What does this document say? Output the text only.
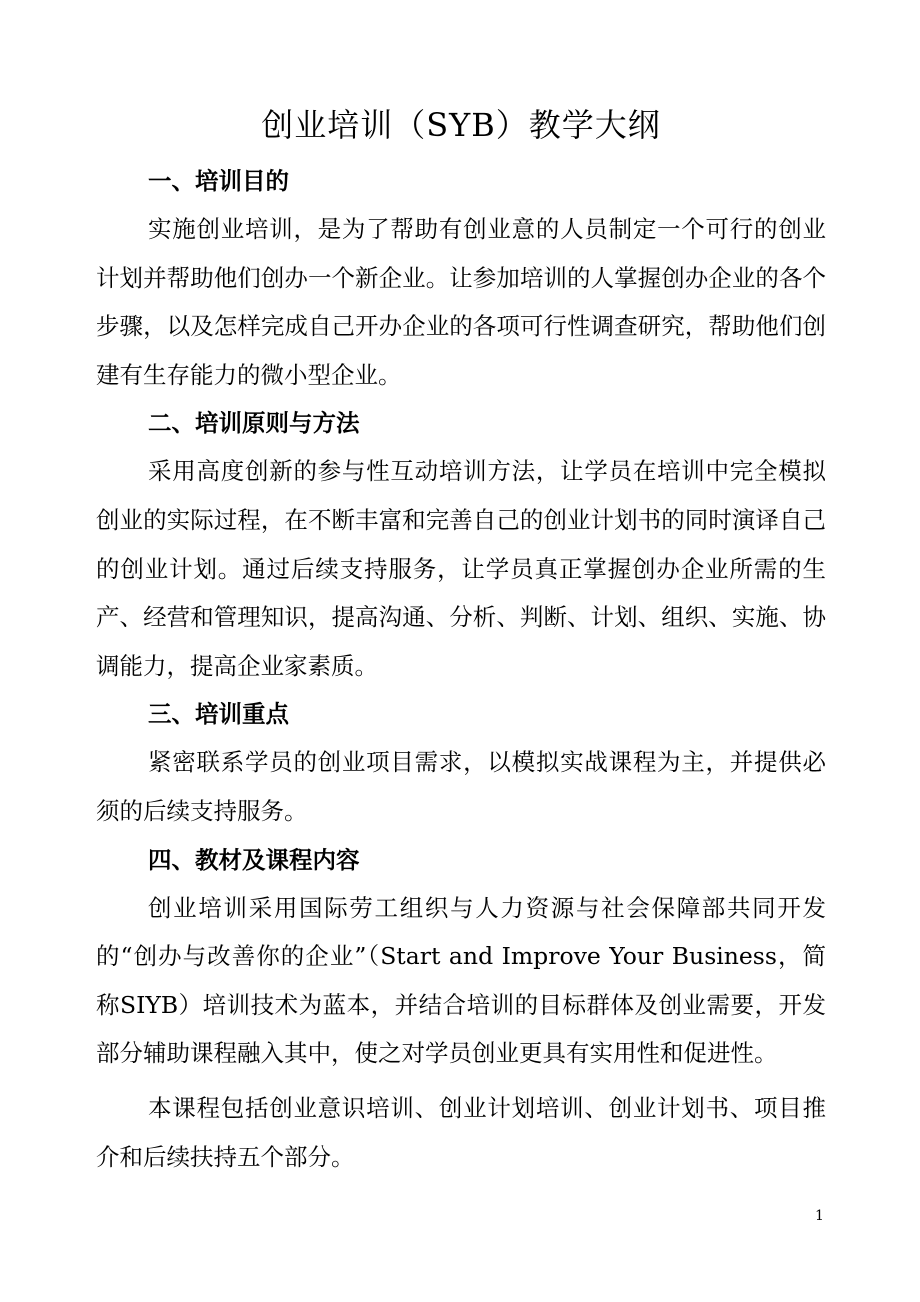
创业培训（SYB）教学大纲
一、培训目的

实施创业培训，是为了帮助有创业意的人员制定一个可行的创业计划并帮助他们创办一个新企业。让参加培训的人掌握创办企业的各个步骤，以及怎样完成自己开办企业的各项可行性调查研究，帮助他们创建有生存能力的微小型企业。

二、培训原则与方法

采用高度创新的参与性互动培训方法，让学员在培训中完全模拟创业的实际过程，在不断丰富和完善自己的创业计划书的同时演译自己的创业计划。通过后续支持服务，让学员真正掌握创办企业所需的生产、经营和管理知识，提高沟通、分析、判断、计划、组织、实施、协调能力，提高企业家素质。

三、培训重点

紧密联系学员的创业项目需求，以模拟实战课程为主，并提供必须的后续支持服务。

四、教材及课程内容

创业培训采用国际劳工组织与人力资源与社会保障部共同开发的“创办与改善你的企业”（Start and Improve Your Business，简称SIYB）培训技术为蓝本，并结合培训的目标群体及创业需要，开发部分辅助课程融入其中，使之对学员创业更具有实用性和促进性。

本课程包括创业意识培训、创业计划培训、创业计划书、项目推介和后续扶持五个部分。

1
